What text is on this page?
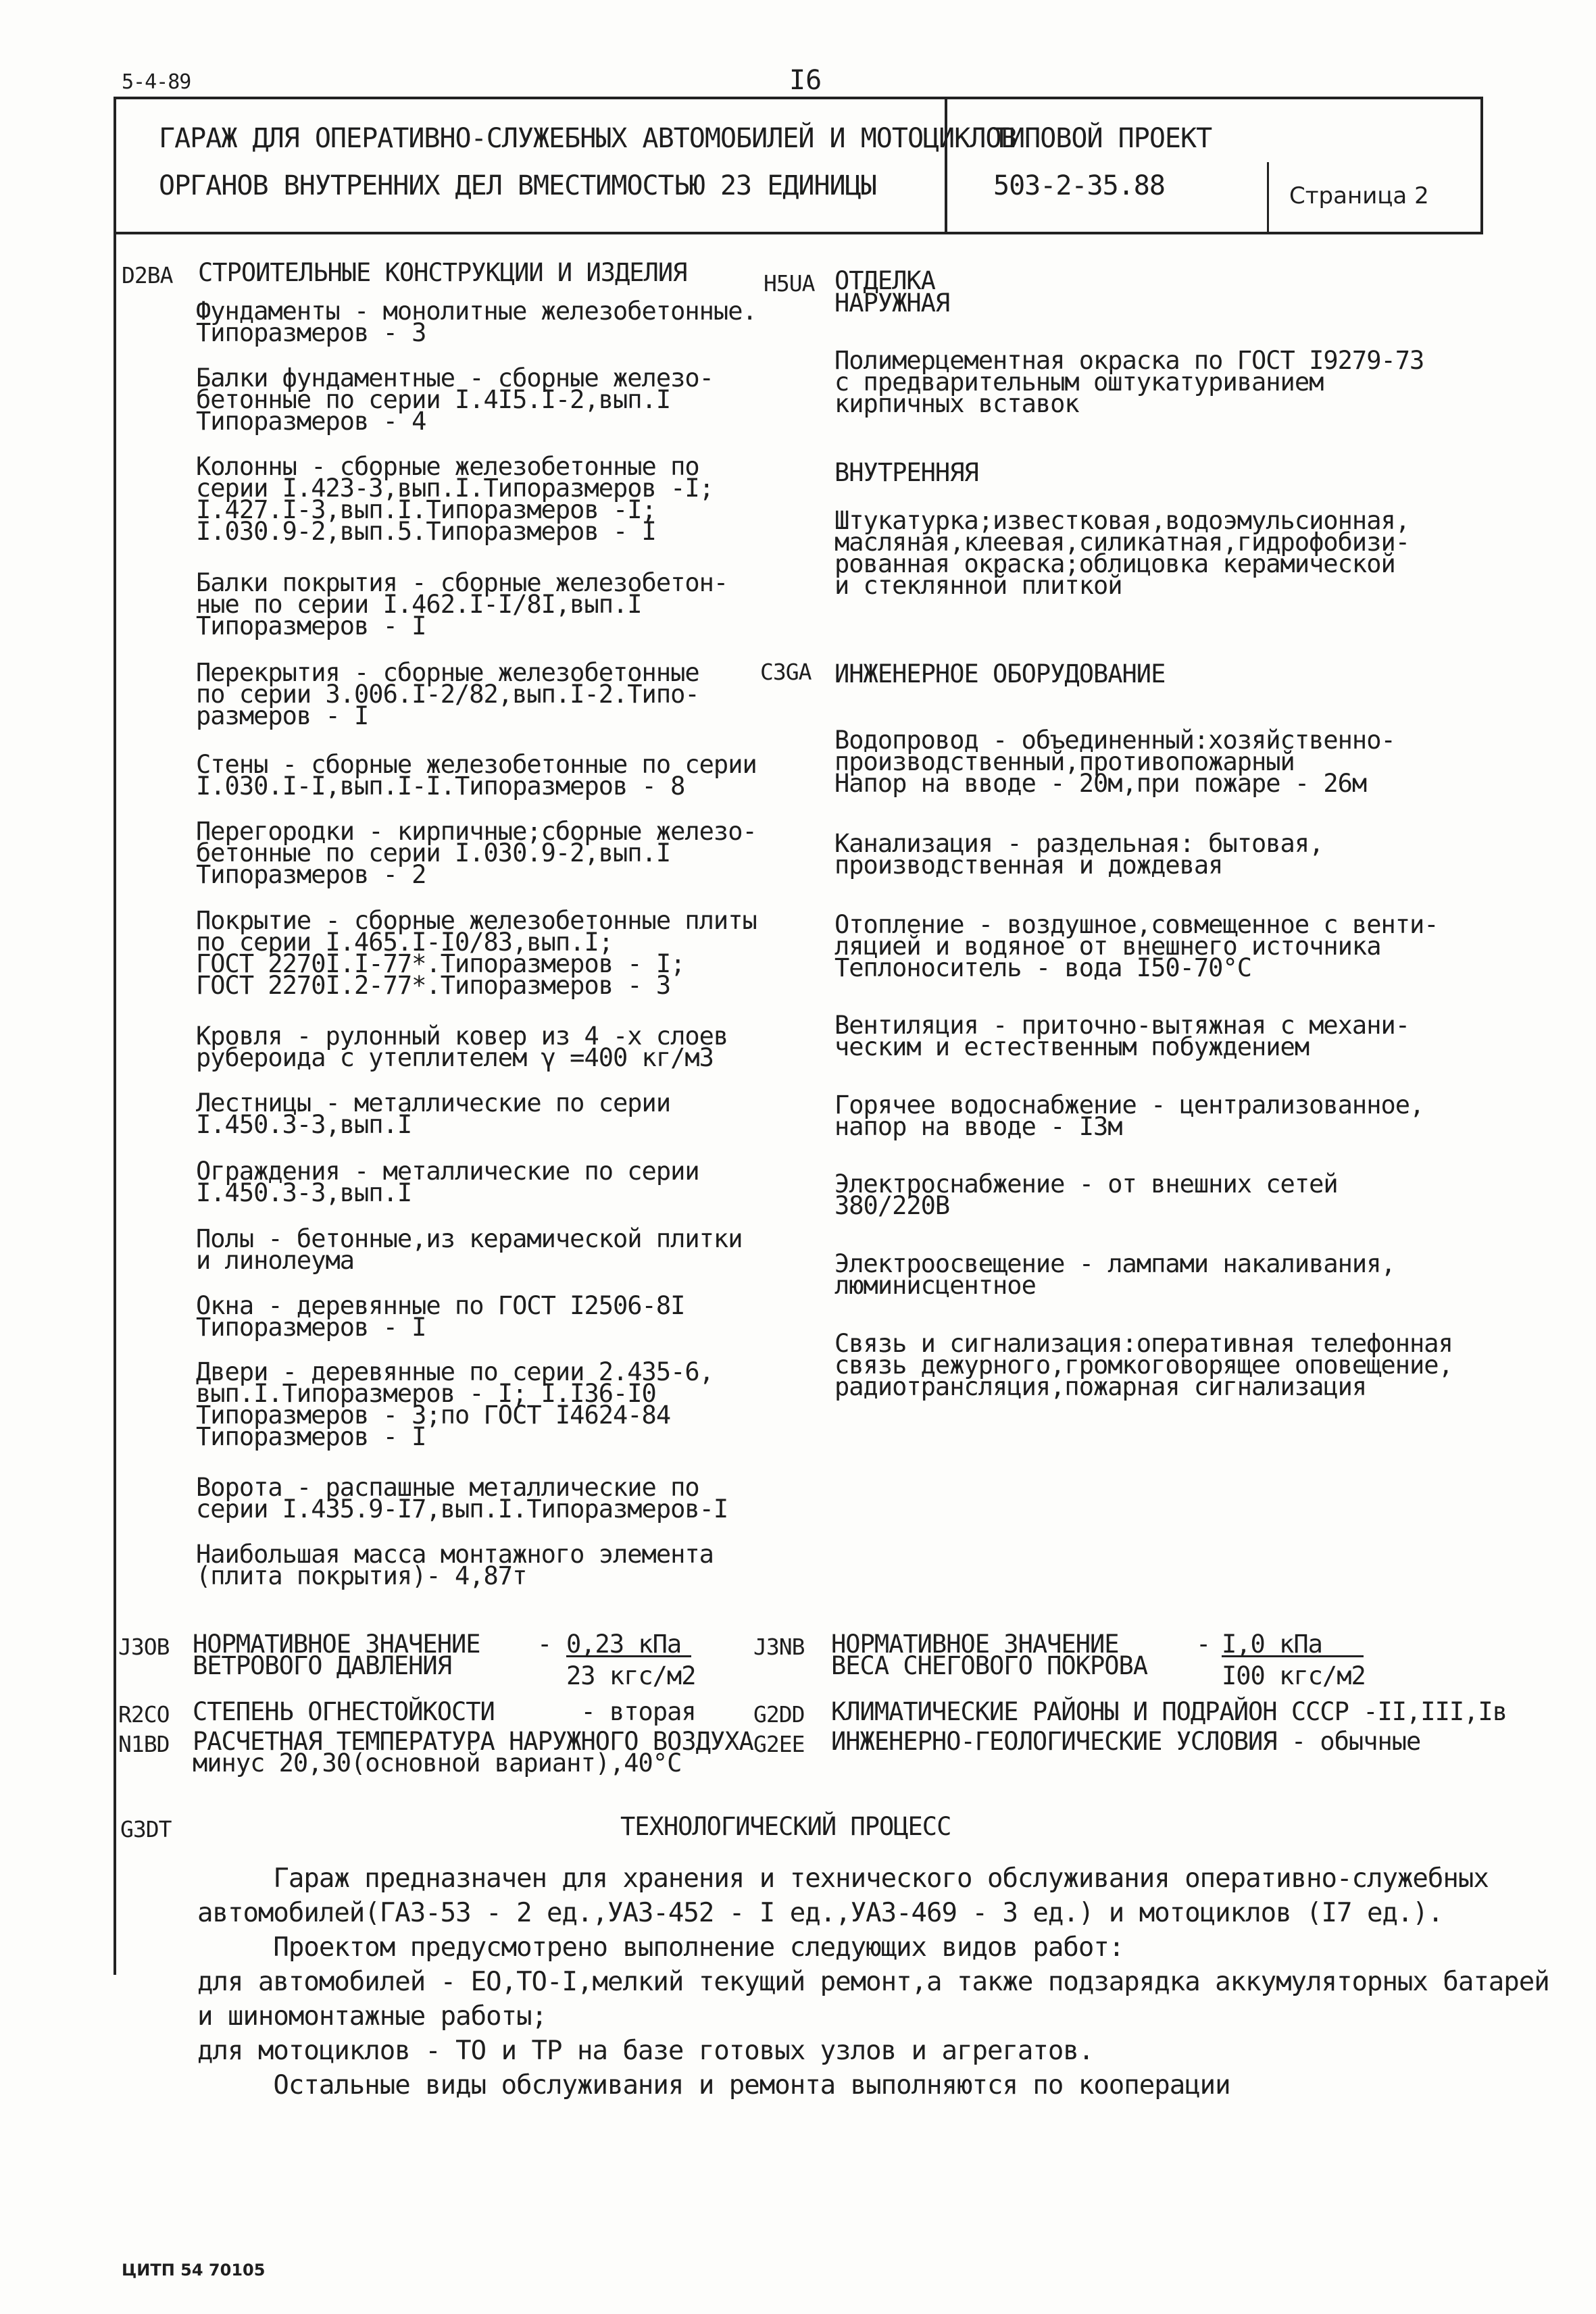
5-4-89	I6
ГАРАЖ ДЛЯ ОПЕРАТИВНО-СЛУЖЕБНЫХ АВТОМОБИЛЕЙ И МОТОЦИКЛОВ
ОРГАНОВ ВНУТРЕННИХ ДЕЛ ВМЕСТИМОСТЬЮ 23 ЕДИНИЦЫ
ТИПОВОЙ ПРОЕКТ
503-2-35.88	Страница 2
D2BA СТРОИТЕЛЬНЫЕ КОНСТРУКЦИИ И ИЗДЕЛИЯ
Фундаменты - монолитные железобетонные.
Типоразмеров - 3
Балки фундаментные - сборные железо-
бетонные по серии I.4I5.I-2,вып.I
Типоразмеров - 4
Колонны - сборные железобетонные по
серии I.423-3,вып.I.Типоразмеров -I;
I.427.I-3,вып.I.Типоразмеров -I;
I.030.9-2,вып.5.Типоразмеров - I
Балки покрытия - сборные железобетон-
ные по серии I.462.I-I/8I,вып.I
Типоразмеров - I
Перекрытия - сборные железобетонные
по серии 3.006.I-2/82,вып.I-2.Типо-
размеров - I
Стены - сборные железобетонные по серии
I.030.I-I,вып.I-I.Типоразмеров - 8
Перегородки - кирпичные;сборные железо-
бетонные по серии I.030.9-2,вып.I
Типоразмеров - 2
Покрытие - сборные железобетонные плиты
по серии I.465.I-I0/83,вып.I;
ГОСТ 2270I.I-77*.Типоразмеров - I;
ГОСТ 2270I.2-77*.Типоразмеров - 3
Кровля - рулонный ковер из 4 -х слоев
рубероида с утеплителем γ =400 кг/м3
Лестницы - металлические по серии
I.450.3-3,вып.I
Ограждения - металлические по серии
I.450.3-3,вып.I
Полы - бетонные,из керамической плитки
и линолеума
Окна - деревянные по ГОСТ I2506-8I
Типоразмеров - I
Двери - деревянные по серии 2.435-6,
вып.I.Типоразмеров - I; I.I36-I0
Типоразмеров - 3;по ГОСТ I4624-84
Типоразмеров - I
Ворота - распашные металлические по
серии I.435.9-I7,вып.I.Типоразмеров-I
Наибольшая масса монтажного элемента
(плита покрытия)- 4,87т
H5UA ОТДЕЛКА
НАРУЖНАЯ
Полимерцементная окраска по ГОСТ I9279-73
с предварительным оштукатуриванием
кирпичных вставок
ВНУТРЕННЯЯ
Штукатурка;известковая,водоэмульсионная,
масляная,клеевая,силикатная,гидрофобизи-
рованная окраска;облицовка керамической
и стеклянной плиткой
C3GA ИНЖЕНЕРНОЕ ОБОРУДОВАНИЕ
Водопровод - объединенный:хозяйственно-
производственный,противопожарный
Напор на вводе - 20м,при пожаре - 26м
Канализация - раздельная: бытовая,
производственная и дождевая
Отопление - воздушное,совмещенное с венти-
ляцией и водяное от внешнего источника
Теплоноситель - вода I50-70°С
Вентиляция - приточно-вытяжная с механи-
ческим и естественным побуждением
Горячее водоснабжение - централизованное,
напор на вводе - I3м
Электроснабжение - от внешних сетей
380/220В
Электроосвещение - лампами накаливания,
люминисцентное
Связь и сигнализация:оперативная телефонная
связь дежурного,громкоговорящее оповещение,
радиотрансляция,пожарная сигнализация
J3OB НОРМАТИВНОЕ ЗНАЧЕНИЕ
ВЕТРОВОГО ДАВЛЕНИЯ
- 0,23 кПа
23 кгс/м2
J3NB НОРМАТИВНОЕ ЗНАЧЕНИЕ
ВЕСА СНЕГОВОГО ПОКРОВА
- I,0 кПа
I00 кгс/м2
R2CO СТЕПЕНЬ ОГНЕСТОЙКОСТИ      - вторая	G2DD КЛИМАТИЧЕСКИЕ РАЙОНЫ И ПОДРАЙОН СССР -II,III,Iв
N1BD РАСЧЕТНАЯ ТЕМПЕРАТУРА НАРУЖНОГО ВОЗДУХА
минус 20,30(основной вариант),40°С
G2EE ИНЖЕНЕРНО-ГЕОЛОГИЧЕСКИЕ УСЛОВИЯ - обычные
G3DT	ТЕХНОЛОГИЧЕСКИЙ ПРОЦЕСС
Гараж предназначен для хранения и технического обслуживания оперативно-служебных
автомобилей(ГАЗ-53 - 2 ед.,УАЗ-452 - I ед.,УАЗ-469 - 3 ед.) и мотоциклов (I7 ед.).
Проектом предусмотрено выполнение следующих видов работ:
для автомобилей - ЕО,ТО-I,мелкий текущий ремонт,а также подзарядка аккумуляторных батарей
и шиномонтажные работы;
для мотоциклов - ТО и ТР на базе готовых узлов и агрегатов.
Остальные виды обслуживания и ремонта выполняются по кооперации
ЦИТП 54 70105
